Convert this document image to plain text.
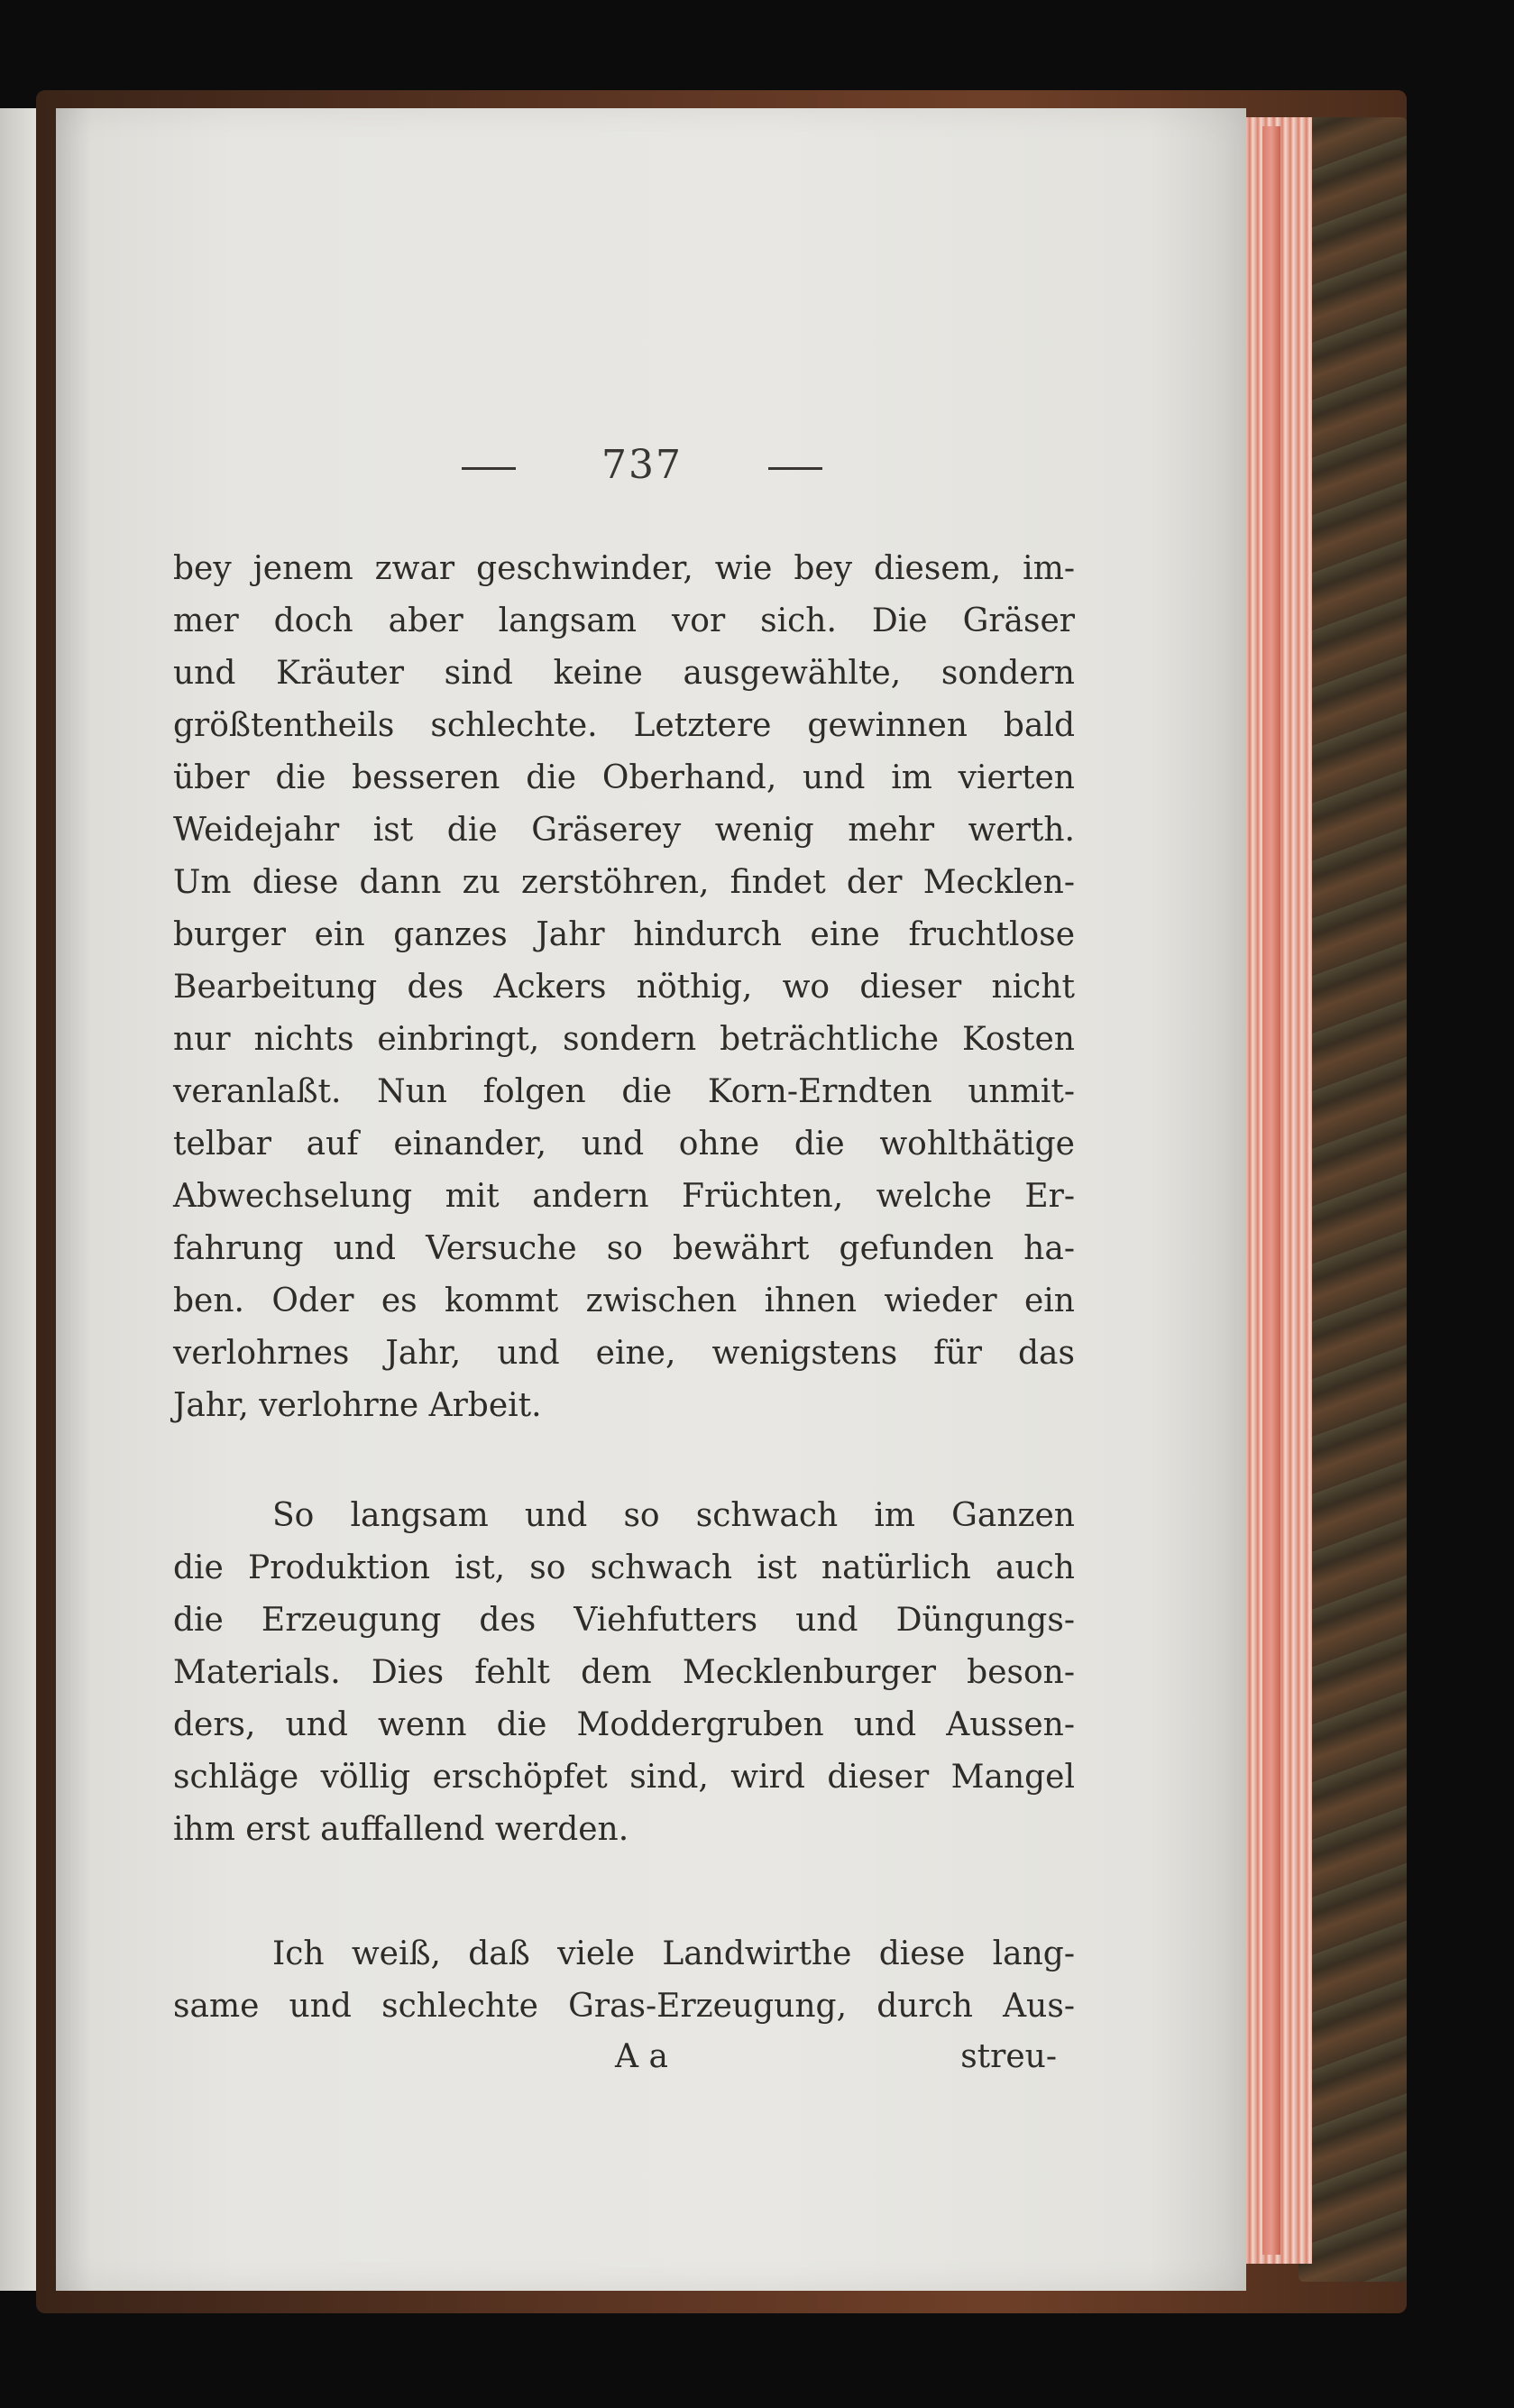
737
bey jenem zwar geschwinder, wie bey diesem, im-
mer doch aber langsam vor sich. Die Gräser
und Kräuter sind keine ausgewählte, sondern
größtentheils schlechte. Letztere gewinnen bald
über die besseren die Oberhand, und im vierten
Weidejahr ist die Gräserey wenig mehr werth.
Um diese dann zu zerstöhren, findet der Mecklen-
burger ein ganzes Jahr hindurch eine fruchtlose
Bearbeitung des Ackers nöthig, wo dieser nicht
nur nichts einbringt, sondern beträchtliche Kosten
veranlaßt. Nun folgen die Korn-Erndten unmit-
telbar auf einander, und ohne die wohlthätige
Abwechselung mit andern Früchten, welche Er-
fahrung und Versuche so bewährt gefunden ha-
ben. Oder es kommt zwischen ihnen wieder ein
verlohrnes Jahr, und eine, wenigstens für das
Jahr, verlohrne Arbeit.
So langsam und so schwach im Ganzen
die Produktion ist, so schwach ist natürlich auch
die Erzeugung des Viehfutters und Düngungs-
Materials. Dies fehlt dem Mecklenburger beson-
ders, und wenn die Moddergruben und Aussen-
schläge völlig erschöpfet sind, wird dieser Mangel
ihm erst auffallend werden.
Ich weiß, daß viele Landwirthe diese lang-
same und schlechte Gras-Erzeugung, durch Aus-
A a	streu-
